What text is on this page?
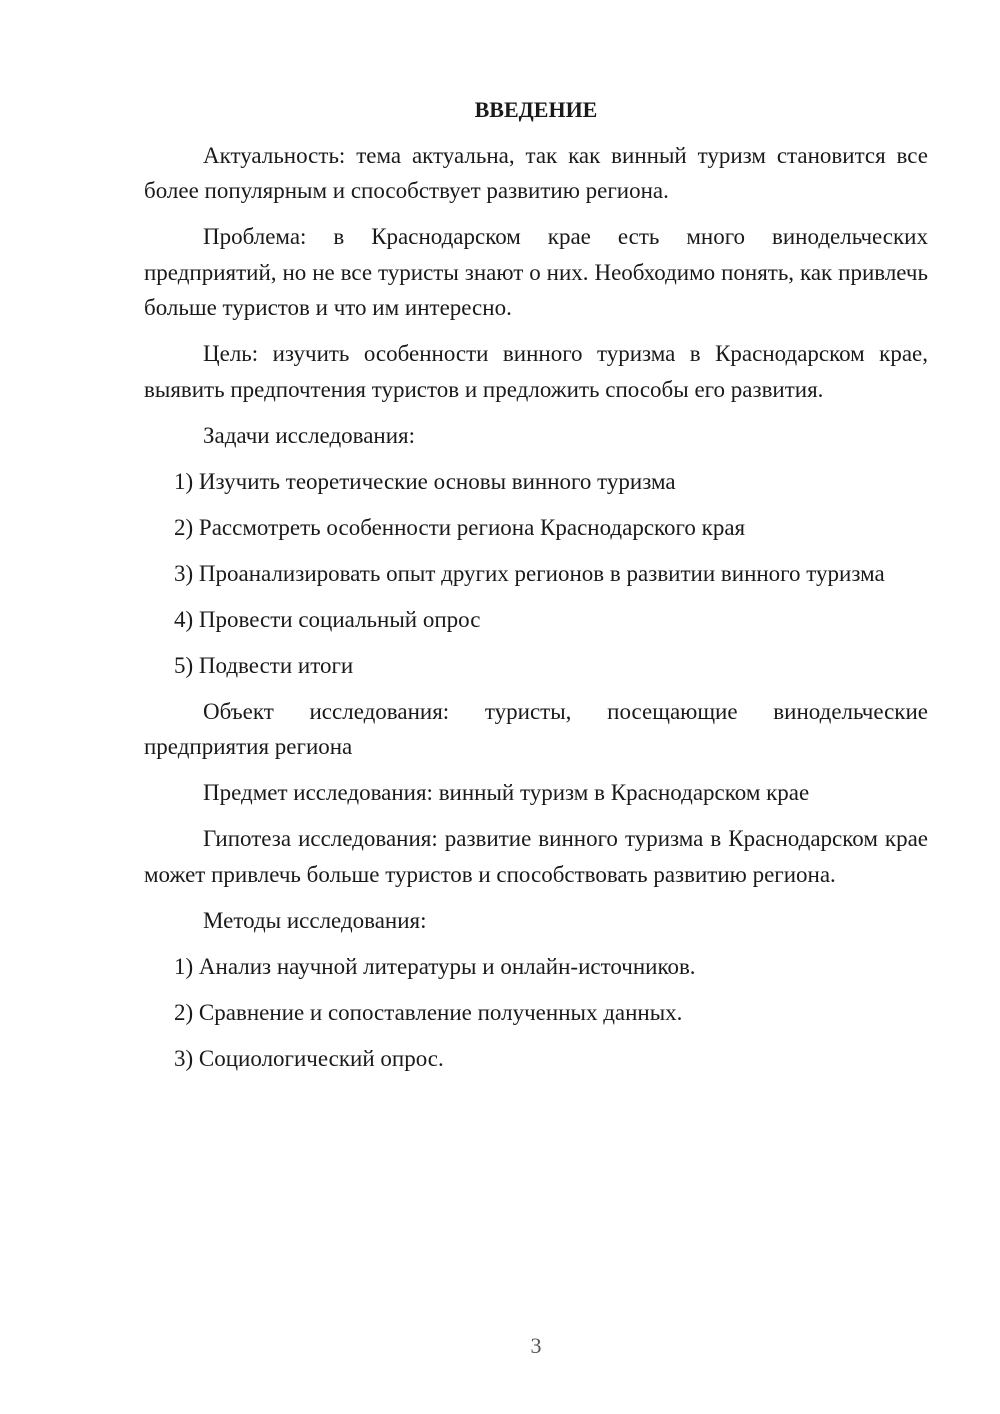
ВВЕДЕНИЕ

Актуальность: тема актуальна, так как винный туризм становится все более популярным и способствует развитию региона.

Проблема: в Краснодарском крае есть много винодельческих предприятий, но не все туристы знают о них. Необходимо понять, как привлечь больше туристов и что им интересно.

Цель: изучить особенности винного туризма в Краснодарском крае, выявить предпочтения туристов и предложить способы его развития.

Задачи исследования:

1) Изучить теоретические основы винного туризма

2) Рассмотреть особенности региона Краснодарского края

3) Проанализировать опыт других регионов в развитии винного туризма

4) Провести социальный опрос

5) Подвести итоги

Объект исследования: туристы, посещающие винодельческие предприятия региона

Предмет исследования: винный туризм в Краснодарском крае

Гипотеза исследования: развитие винного туризма в Краснодарском крае может привлечь больше туристов и способствовать развитию региона.

Методы исследования:

1) Анализ научной литературы и онлайн-источников.

2) Сравнение и сопоставление полученных данных.

3) Социологический опрос.

3
